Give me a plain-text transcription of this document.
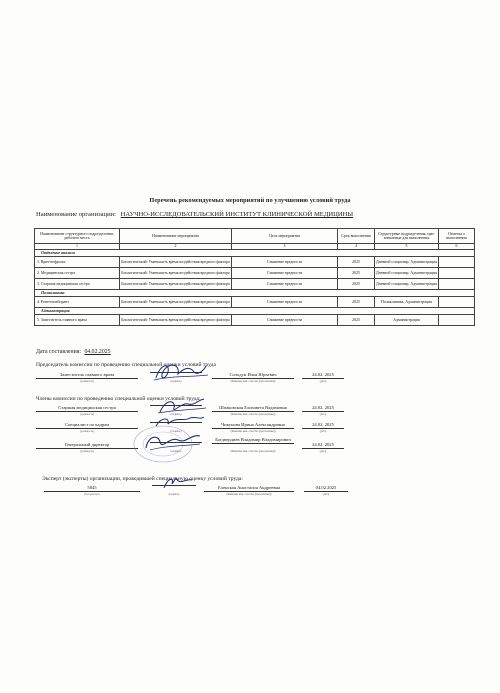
Перечень рекомендуемых мероприятий по улучшению условий труда
Наименование организации: НАУЧНО-ИССЛЕДОВАТЕЛЬСКИЙ ИНСТИТУТ КЛИНИЧЕСКОЙ МЕДИЦИНЫ
Наименование структурного подразделения, рабочего места	Наименование мероприятия	Цель мероприятия	Срок выполнения	Структурные подразделения, при-влекаемые для выполнения	Отметка о выполнении
1	2	3	4	5	6
Отделение анализа					
1. Врач-нефролог	Биологический: Уменьшить время воздействия вредного фактора	Снижение вредности	2025	Дневной стационар, Администрация	
2. Медицинская сестра	Биологический: Уменьшить время воздействия вредного фактора	Снижение вредности	2025	Дневной стационар, Администрация	
3. Старшая медицинская сестра	Биологический: Уменьшить время воздействия вредного фактора	Снижение вредности	2025	Дневной стационар, Администрация	
Поликлиника					
4. Рентгенлаборант	Биологический: Уменьшить время воздействия вредного фактора	Снижение вредности	2025	Поликлиника, Администрация	
Администрация					
5. Заместитель главного врача	Биологический: Уменьшить время воздействия вредного фактора	Снижение вредности	2025	Администрация	
Дата составления: 04.02.2025
Председатель комиссии по проведению специальной оценки условий труда
Заместитель главного врача
(должность)	(подпись)
Солодун Илья Юрьевич
(Фамилия, имя, отчество (при наличии))
24.02. 2025
(дата)
Члены комиссии по проведению специальной оценки условий труда:
Старшая медицинская сестра
(должность)	(подпись)
Шпаковская Елизавета Вадимовна
(Фамилия, имя, отчество (при наличии))
24.02. 2025
(дата)
Специалист по кадрам
(должность)	(подпись)
Чикунова Ирина Александровна
(Фамилия, имя, отчество (при наличии))
24.02. 2025
(дата)
Генеральный директор
(должность)	(подпись)
Богдвердиев Владимир Владимирович
(Фамилия, имя, отчество (при наличии))
24.02. 2025
(дата)
Эксперт (эксперты) организации, проводившей специальную оценку условий труда:
5845
(№ в реестре)	(подпись)
Еленская Анастасия Андреевна
(Фамилия, имя, отчество (при наличии))
04.02.2025
(дата)
